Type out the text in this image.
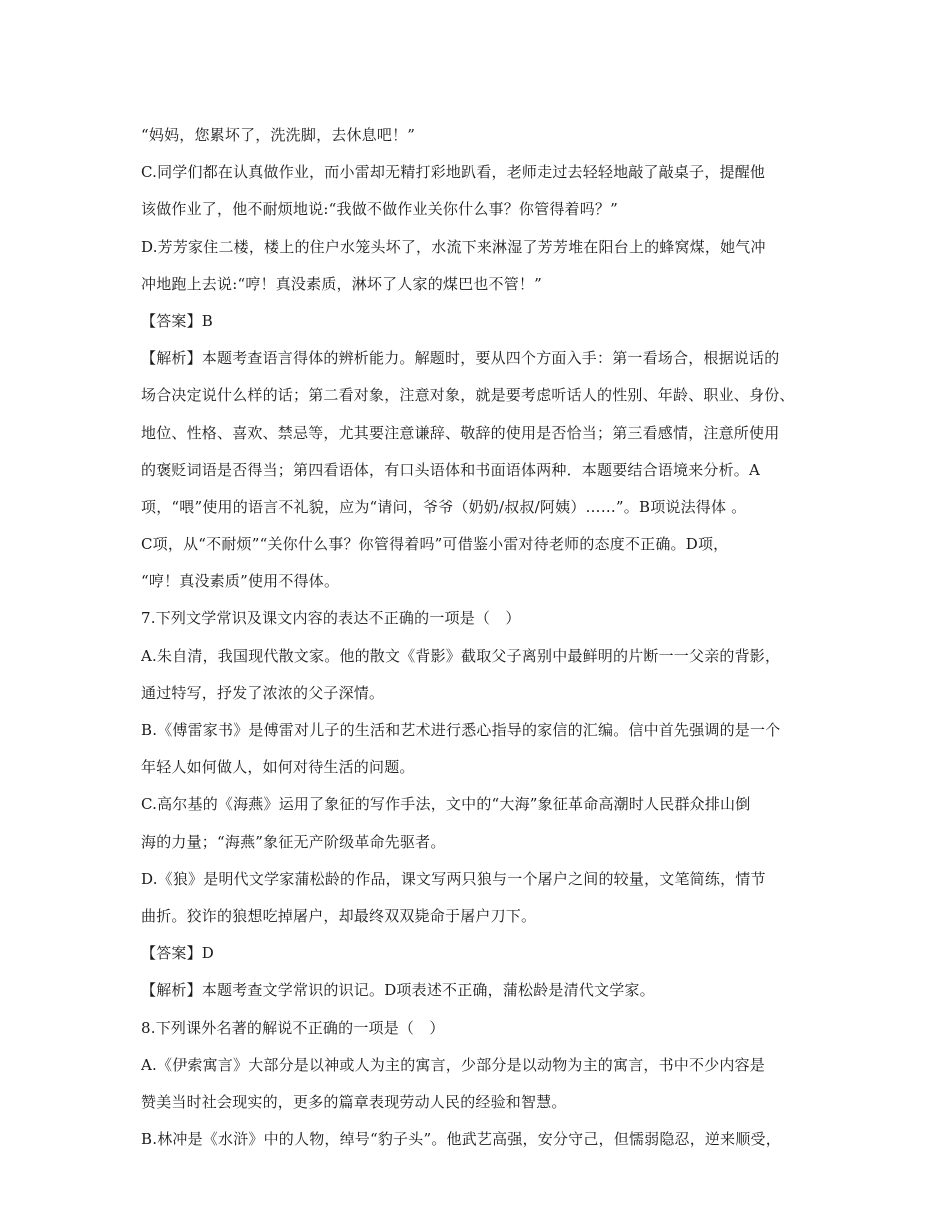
“妈妈，您累坏了，洗洗脚，去休息吧！”
C.同学们都在认真做作业，而小雷却无精打彩地趴看，老师走过去轻轻地敲了敲桌子，提醒他
该做作业了，他不耐烦地说:“我做不做作业关你什么事？你管得着吗？”
D.芳芳家住二楼，楼上的住户水笼头坏了，水流下来淋湿了芳芳堆在阳台上的蜂窝煤，她气冲
冲地跑上去说:“哼！真没素质，淋坏了人家的煤巴也不管！”
【答案】B
【解析】本题考查语言得体的辨析能力。解题时，要从四个方面入手：第一看场合，根据说话的
场合决定说什么样的话；第二看对象，注意对象，就是要考虑听话人的性别、年龄、职业、身份、
地位、性格、喜欢、禁忌等，尤其要注意谦辞、敬辞的使用是否恰当；第三看感情，注意所使用
的褒贬词语是否得当；第四看语体，有口头语体和书面语体两种．本题要结合语境来分析。A
项，“喂”使用的语言不礼貌，应为“请问，爷爷（奶奶/叔叔/阿姨）……”。B项说法得体 。
C项，从“不耐烦”“关你什么事？你管得着吗”可借鉴小雷对待老师的态度不正确。D项，
“哼！真没素质”使用不得体。
7.下列文学常识及课文内容的表达不正确的一项是（　）
A.朱自清，我国现代散文家。他的散文《背影》截取父子离别中最鲜明的片断一一父亲的背影，
通过特写，抒发了浓浓的父子深情。
B.《傅雷家书》是傅雷对儿子的生活和艺术进行悉心指导的家信的汇编。信中首先强调的是一个
年轻人如何做人，如何对待生活的问题。
C.高尔基的《海燕》运用了象征的写作手法，文中的“大海”象征革命高潮时人民群众排山倒
海的力量；“海燕”象征无产阶级革命先驱者。
D.《狼》是明代文学家蒲松龄的作品，课文写两只狼与一个屠户之间的较量，文笔简练，情节
曲折。狡诈的狼想吃掉屠户，却最终双双毙命于屠户刀下。
【答案】D
【解析】本题考查文学常识的识记。D项表述不正确，蒲松龄是清代文学家。
8.下列课外名著的解说不正确的一项是（　）
A.《伊索寓言》大部分是以神或人为主的寓言，少部分是以动物为主的寓言，书中不少内容是
赞美当时社会现实的，更多的篇章表现劳动人民的经验和智慧。
B.林冲是《水浒》中的人物，绰号“豹子头”。他武艺高强，安分守己，但懦弱隐忍，逆来顺受，
